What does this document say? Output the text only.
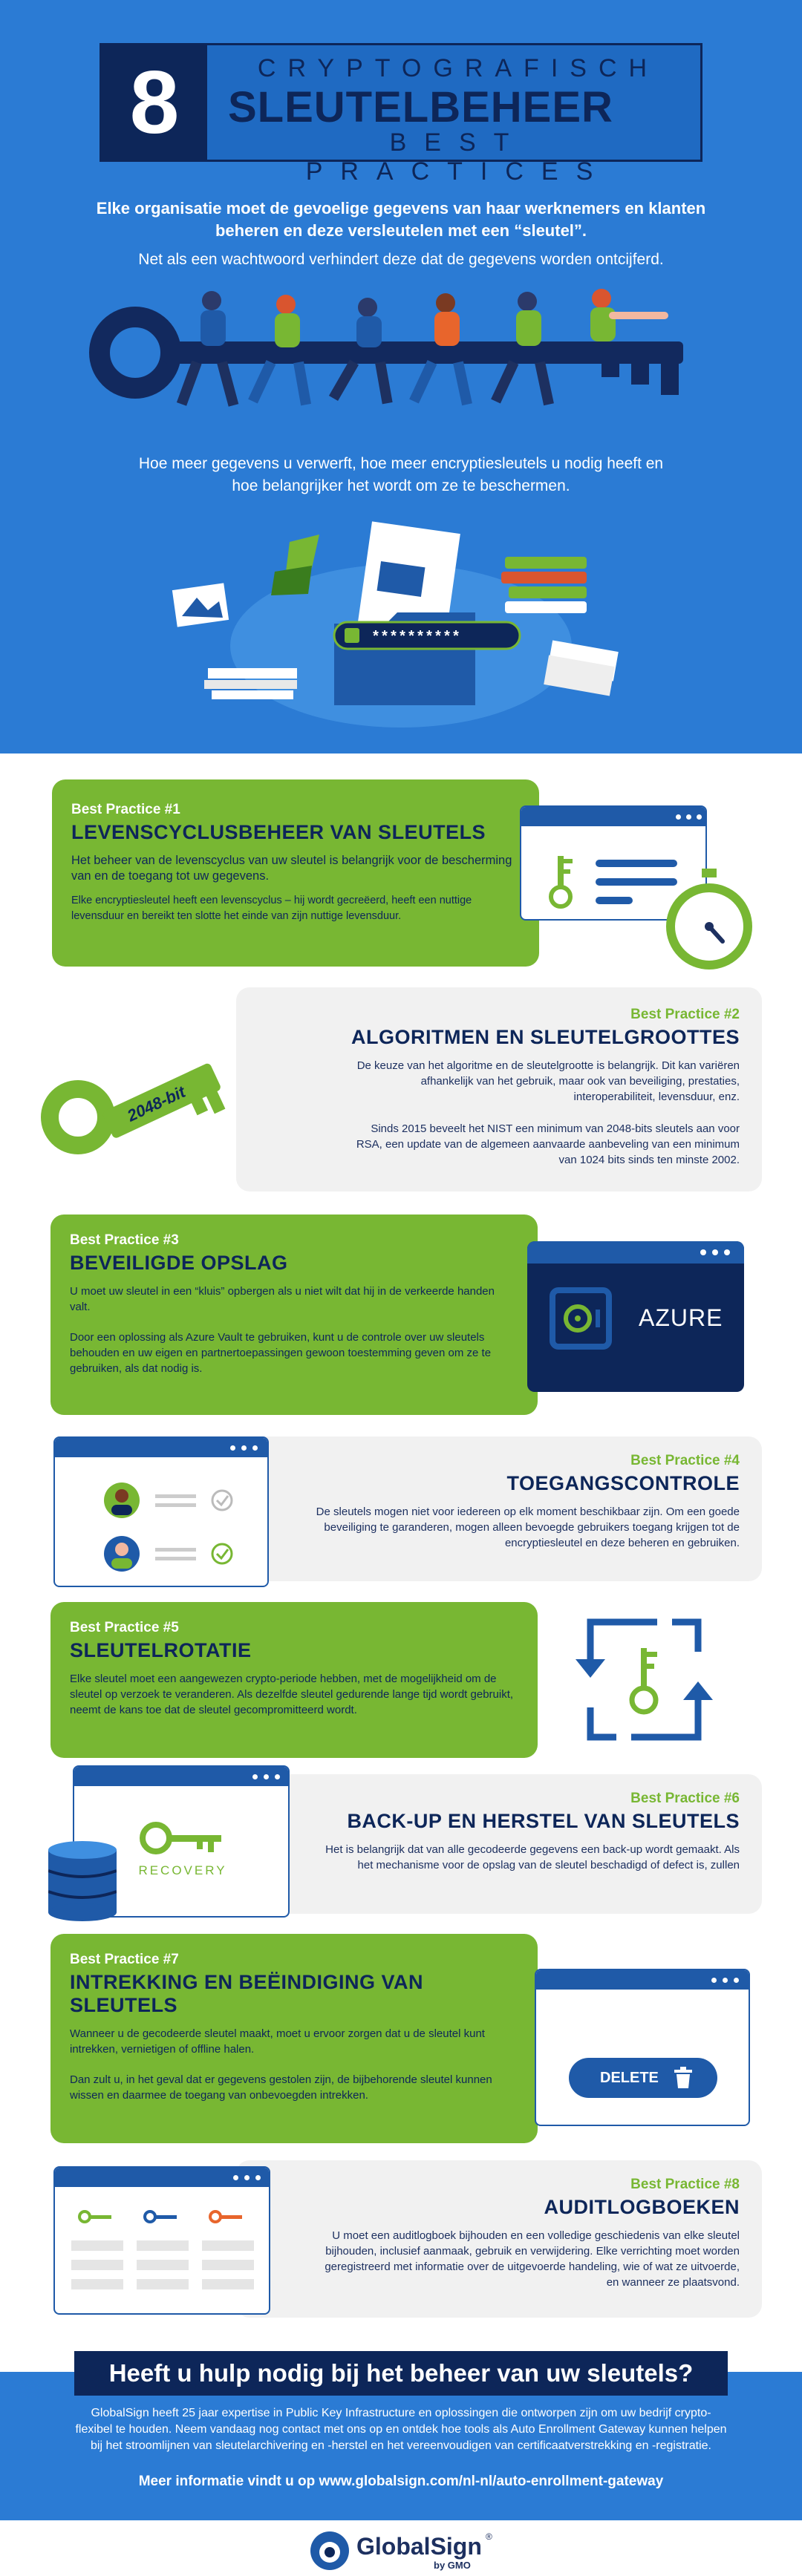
8	CRYPTOGRAFISCH
SLEUTELBEHEER
BEST PRACTICES
Elke organisatie moet de gevoelige gegevens van haar werknemers en klanten beheren en deze versleutelen met een “sleutel”.
Net als een wachtwoord verhindert deze dat de gegevens worden ontcijferd.
Hoe meer gegevens u verwerft, hoe meer encryptiesleutels u nodig heeft en hoe belangrijker het wordt om ze te beschermen.
**********
Best Practice #1
LEVENSCYCLUSBEHEER VAN SLEUTELS
Het beheer van de levenscyclus van uw sleutel is belangrijk voor de bescherming van en de toegang tot uw gegevens.
Elke encryptiesleutel heeft een levenscyclus – hij wordt gecreëerd, heeft een nuttige levensduur en bereikt ten slotte het einde van zijn nuttige levensduur.
Best Practice #2
ALGORITMEN EN SLEUTELGROOTTES
De keuze van het algoritme en de sleutelgrootte is belangrijk. Dit kan variëren afhankelijk van het gebruik, maar ook van beveiliging, prestaties, interoperabiliteit, levensduur, enz.
Sinds 2015 beveelt het NIST een minimum van 2048-bits sleutels aan voor RSA, een update van de algemeen aanvaarde aanbeveling van een minimum van 1024 bits sinds ten minste 2002.
2048-bit
Best Practice #3
BEVEILIGDE OPSLAG
U moet uw sleutel in een “kluis” opbergen als u niet wilt dat hij in de verkeerde handen valt.
Door een oplossing als Azure Vault te gebruiken, kunt u de controle over uw sleutels behouden en uw eigen en partnertoepassingen gewoon toestemming geven om ze te gebruiken, als dat nodig is.
AZURE
Best Practice #4
TOEGANGSCONTROLE
De sleutels mogen niet voor iedereen op elk moment beschikbaar zijn. Om een goede beveiliging te garanderen, mogen alleen bevoegde gebruikers toegang krijgen tot de encryptiesleutel en deze beheren en gebruiken.
Best Practice #5
SLEUTELROTATIE
Elke sleutel moet een aangewezen crypto-periode hebben, met de mogelijkheid om de sleutel op verzoek te veranderen. Als dezelfde sleutel gedurende lange tijd wordt gebruikt, neemt de kans toe dat de sleutel gecompromitteerd wordt.
Best Practice #6
BACK-UP EN HERSTEL VAN SLEUTELS
Het is belangrijk dat van alle gecodeerde gegevens een back-up wordt gemaakt. Als het mechanisme voor de opslag van de sleutel beschadigd of defect is, zullen
RECOVERY
Best Practice #7
INTREKKING EN BEËINDIGING VAN SLEUTELS
Wanneer u de gecodeerde sleutel maakt, moet u ervoor zorgen dat u de sleutel kunt intrekken, vernietigen of offline halen.
Dan zult u, in het geval dat er gegevens gestolen zijn, de bijbehorende sleutel kunnen wissen en daarmee de toegang van onbevoegden intrekken.
DELETE
Best Practice #8
AUDITLOGBOEKEN
U moet een auditlogboek bijhouden en een volledige geschiedenis van elke sleutel bijhouden, inclusief aanmaak, gebruik en verwijdering. Elke verrichting moet worden geregistreerd met informatie over de uitgevoerde handeling, wie of wat ze uitvoerde, en wanneer ze plaatsvond.
Heeft u hulp nodig bij het beheer van uw sleutels?
GlobalSign heeft 25 jaar expertise in Public Key Infrastructure en oplossingen die ontworpen zijn om uw bedrijf crypto-flexibel te houden. Neem vandaag nog contact met ons op en ontdek hoe tools als Auto Enrollment Gateway kunnen helpen bij het stroomlijnen van sleutelarchivering en -herstel en het vereenvoudigen van certificaatverstrekking en -registratie.
Meer informatie vindt u op www.globalsign.com/nl-nl/auto-enrollment-gateway
GlobalSign ®
by GMO
